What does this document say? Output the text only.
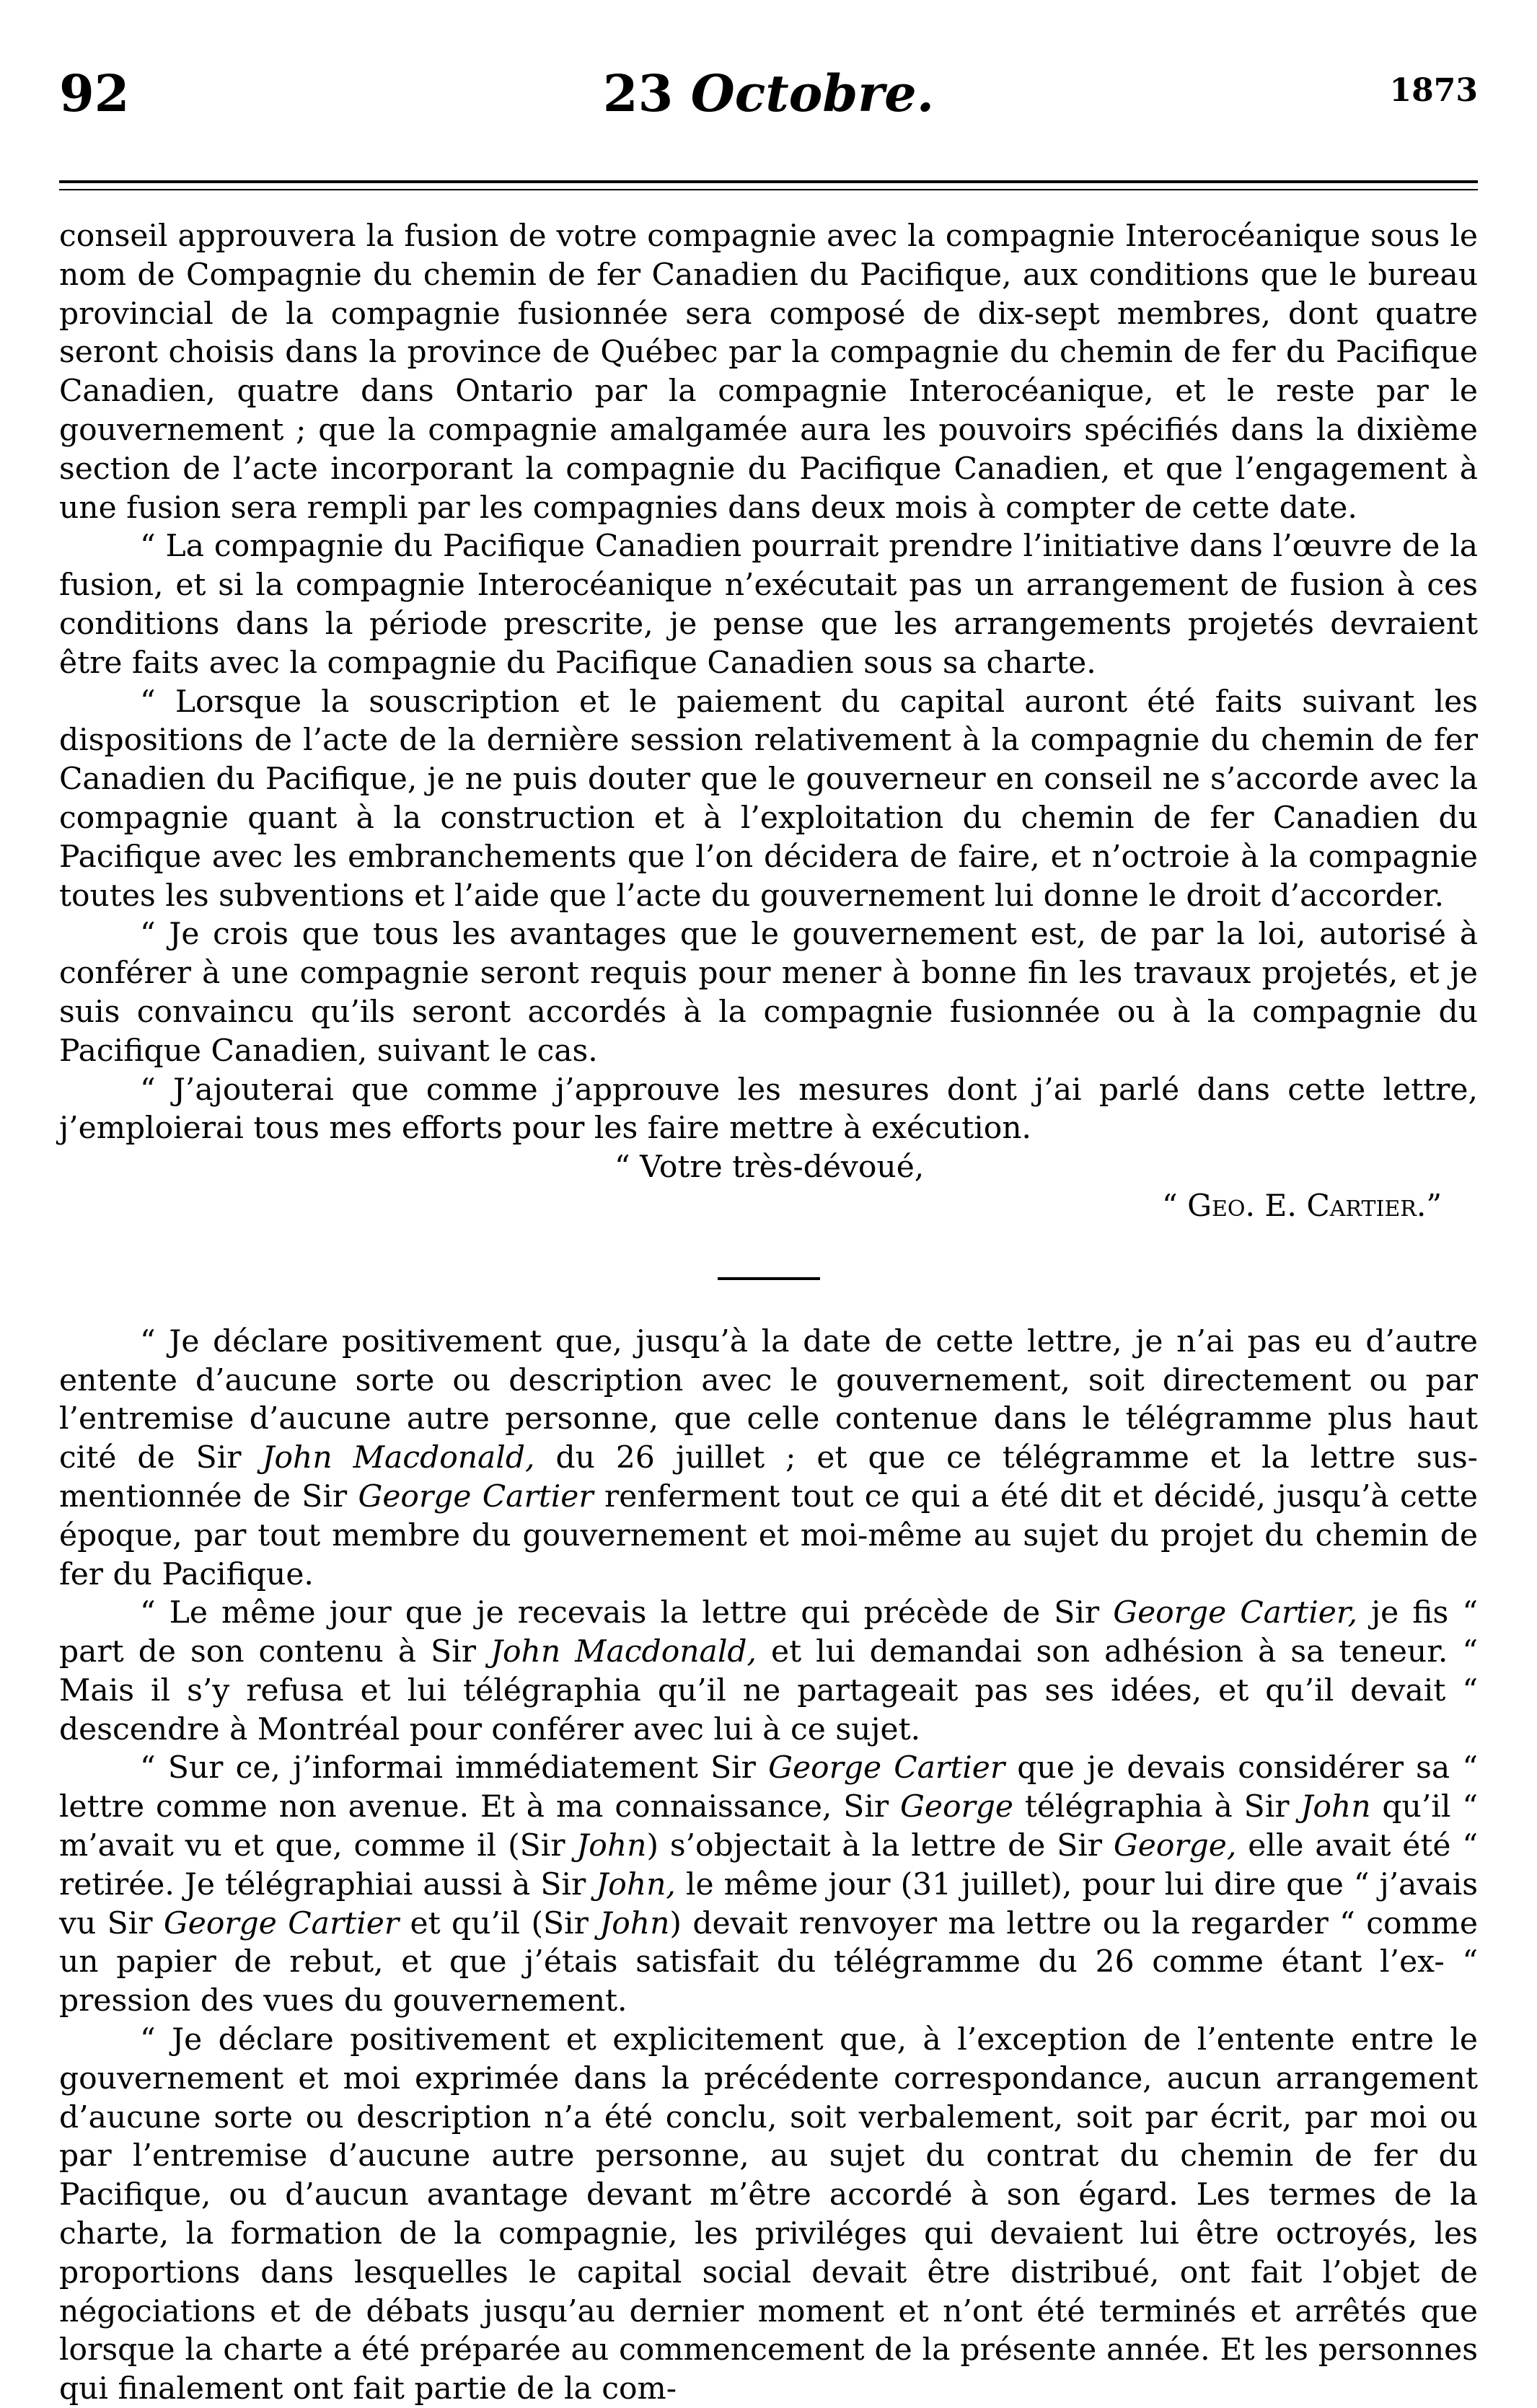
92	23 Octobre.	1873

conseil approuvera la fusion de votre compagnie avec la compagnie Interocéanique sous le nom de Compagnie du chemin de fer Canadien du Pacifique, aux conditions que le bureau provincial de la compagnie fusionnée sera composé de dix-sept membres, dont quatre seront choisis dans la province de Québec par la compagnie du chemin de fer du Pacifique Canadien, quatre dans Ontario par la compagnie Interocéanique, et le reste par le gouvernement ; que la compagnie amalgamée aura les pouvoirs spécifiés dans la dixième section de l’acte incorporant la compagnie du Pacifique Canadien, et que l’engagement à une fusion sera rempli par les compagnies dans deux mois à compter de cette date.

“ La compagnie du Pacifique Canadien pourrait prendre l’initiative dans l’œuvre de la fusion, et si la compagnie Interocéanique n’exécutait pas un arrangement de fusion à ces conditions dans la période prescrite, je pense que les arrangements projetés devraient être faits avec la compagnie du Pacifique Canadien sous sa charte.

“ Lorsque la souscription et le paiement du capital auront été faits suivant les dispositions de l’acte de la dernière session relativement à la compagnie du chemin de fer Canadien du Pacifique, je ne puis douter que le gouverneur en conseil ne s’accorde avec la compagnie quant à la construction et à l’exploitation du chemin de fer Canadien du Pacifique avec les embranchements que l’on décidera de faire, et n’octroie à la compagnie toutes les subventions et l’aide que l’acte du gouvernement lui donne le droit d’accorder.

“ Je crois que tous les avantages que le gouvernement est, de par la loi, autorisé à conférer à une compagnie seront requis pour mener à bonne fin les travaux projetés, et je suis convaincu qu’ils seront accordés à la compagnie fusionnée ou à la compagnie du Pacifique Canadien, suivant le cas.

“ J’ajouterai que comme j’approuve les mesures dont j’ai parlé dans cette lettre, j’emploierai tous mes efforts pour les faire mettre à exécution.

“ Votre très-dévoué,

“ Geo. E. Cartier.”

“ Je déclare positivement que, jusqu’à la date de cette lettre, je n’ai pas eu d’autre entente d’aucune sorte ou description avec le gouvernement, soit directement ou par l’entremise d’aucune autre personne, que celle contenue dans le télégramme plus haut cité de Sir John Macdonald, du 26 juillet ; et que ce télégramme et la lettre sus-mentionnée de Sir George Cartier renferment tout ce qui a été dit et décidé, jusqu’à cette époque, par tout membre du gouvernement et moi-même au sujet du projet du chemin de fer du Pacifique.

“ Le même jour que je recevais la lettre qui précède de Sir George Cartier, je fis “ part de son contenu à Sir John Macdonald, et lui demandai son adhésion à sa teneur. “ Mais il s’y refusa et lui télégraphia qu’il ne partageait pas ses idées, et qu’il devait “ descendre à Montréal pour conférer avec lui à ce sujet.

“ Sur ce, j’informai immédiatement Sir George Cartier que je devais considérer sa “ lettre comme non avenue. Et à ma connaissance, Sir George télégraphia à Sir John qu’il “ m’avait vu et que, comme il (Sir John) s’objectait à la lettre de Sir George, elle avait été “ retirée. Je télégraphiai aussi à Sir John, le même jour (31 juillet), pour lui dire que “ j’avais vu Sir George Cartier et qu’il (Sir John) devait renvoyer ma lettre ou la regarder “ comme un papier de rebut, et que j’étais satisfait du télégramme du 26 comme étant l’ex- “ pression des vues du gouvernement.

“ Je déclare positivement et explicitement que, à l’exception de l’entente entre le gouvernement et moi exprimée dans la précédente correspondance, aucun arrangement d’aucune sorte ou description n’a été conclu, soit verbalement, soit par écrit, par moi ou par l’entremise d’aucune autre personne, au sujet du contrat du chemin de fer du Pacifique, ou d’aucun avantage devant m’être accordé à son égard. Les termes de la charte, la formation de la compagnie, les priviléges qui devaient lui être octroyés, les proportions dans lesquelles le capital social devait être distribué, ont fait l’objet de négociations et de débats jusqu’au dernier moment et n’ont été terminés et arrêtés que lorsque la charte a été préparée au commencement de la présente année. Et les personnes qui finalement ont fait partie de la com-
